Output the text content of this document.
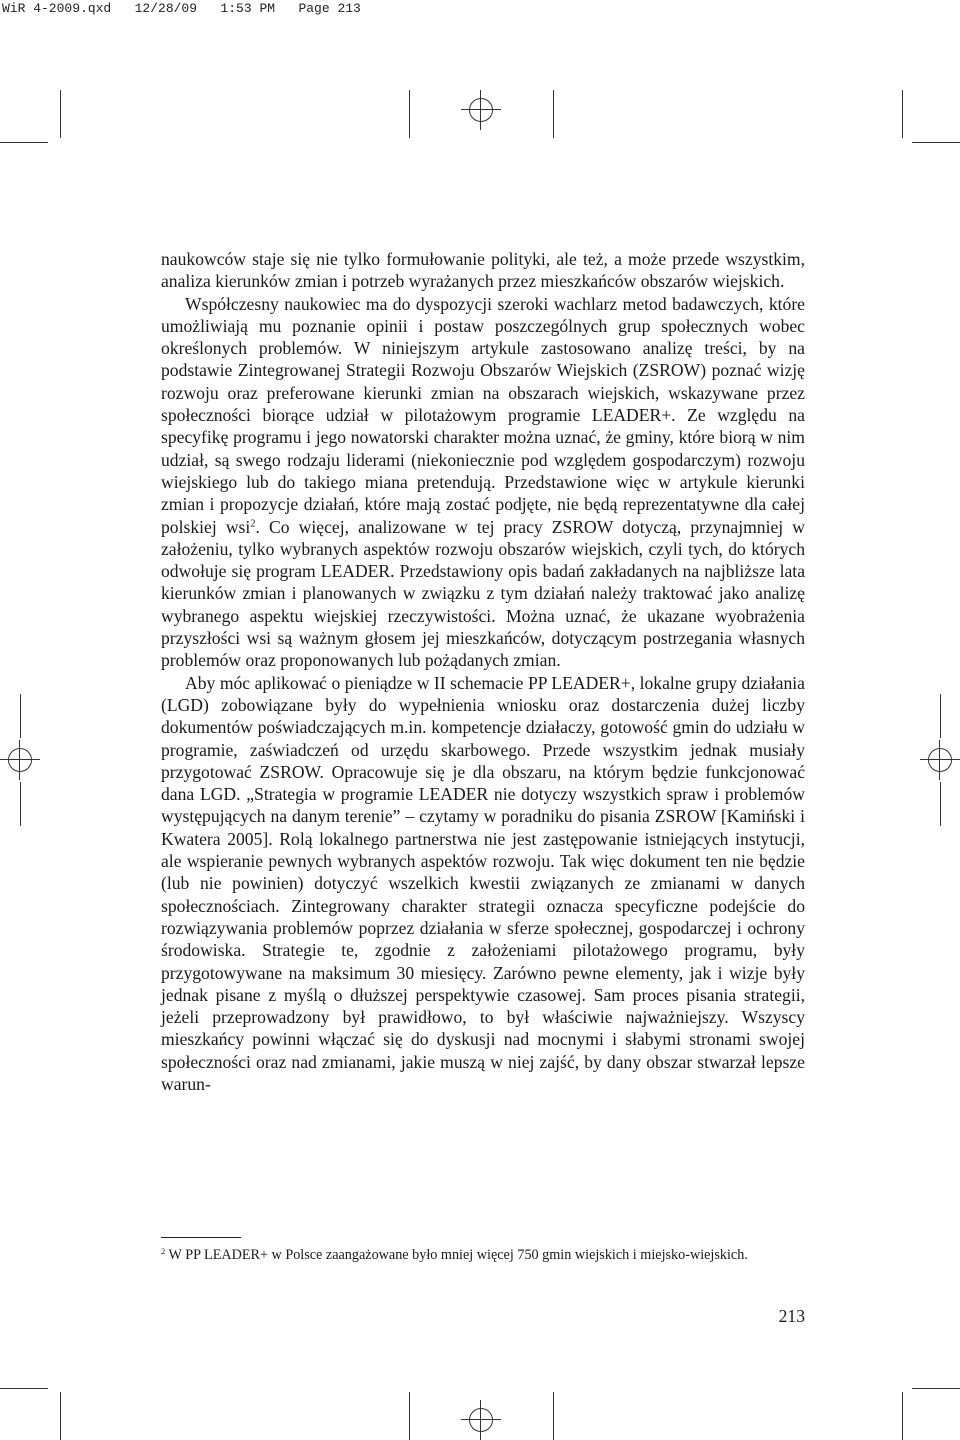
WiR 4-2009.qxd   12/28/09   1:53 PM   Page 213

naukowców staje się nie tylko formułowanie polityki, ale też, a może przede wszystkim, analiza kierunków zmian i potrzeb wyrażanych przez mieszkańców obszarów wiejskich.

Współczesny naukowiec ma do dyspozycji szeroki wachlarz metod badawczych, które umożliwiają mu poznanie opinii i postaw poszczególnych grup społecznych wobec określonych problemów. W niniejszym artykule zastosowano analizę treści, by na podstawie Zintegrowanej Strategii Rozwoju Obszarów Wiejskich (ZSROW) poznać wizję rozwoju oraz preferowane kierunki zmian na obszarach wiejskich, wskazywane przez społeczności biorące udział w pilotażowym programie LEADER+. Ze względu na specyfikę programu i jego nowatorski charakter można uznać, że gminy, które biorą w nim udział, są swego rodzaju liderami (niekoniecznie pod względem gospodarczym) rozwoju wiejskiego lub do takiego miana pretendują. Przedstawione więc w artykule kierunki zmian i propozycje działań, które mają zostać podjęte, nie będą reprezentatywne dla całej polskiej wsi$^2$. Co więcej, analizowane w tej pracy ZSROW dotyczą, przynajmniej w założeniu, tylko wybranych aspektów rozwoju obszarów wiejskich, czyli tych, do których odwołuje się program LEADER. Przedstawiony opis badań zakładanych na najbliższe lata kierunków zmian i planowanych w związku z tym działań należy traktować jako analizę wybranego aspektu wiejskiej rzeczywistości. Można uznać, że ukazane wyobrażenia przyszłości wsi są ważnym głosem jej mieszkańców, dotyczącym postrzegania własnych problemów oraz proponowanych lub pożądanych zmian.

Aby móc aplikować o pieniądze w II schemacie PP LEADER+, lokalne grupy działania (LGD) zobowiązane były do wypełnienia wniosku oraz dostarczenia dużej liczby dokumentów poświadczających m.in. kompetencje działaczy, gotowość gmin do udziału w programie, zaświadczeń od urzędu skarbowego. Przede wszystkim jednak musiały przygotować ZSROW. Opracowuje się je dla obszaru, na którym będzie funkcjonować dana LGD. „Strategia w programie LEADER nie dotyczy wszystkich spraw i problemów występujących na danym terenie” – czytamy w poradniku do pisania ZSROW [Kamiński i Kwatera 2005]. Rolą lokalnego partnerstwa nie jest zastępowanie istniejących instytucji, ale wspieranie pewnych wybranych aspektów rozwoju. Tak więc dokument ten nie będzie (lub nie powinien) dotyczyć wszelkich kwestii związanych ze zmianami w danych społecznościach. Zintegrowany charakter strategii oznacza specyficzne podejście do rozwiązywania problemów poprzez działania w sferze społecznej, gospodarczej i ochrony środowiska. Strategie te, zgodnie z założeniami pilotażowego programu, były przygotowywane na maksimum 30 miesięcy. Zarówno pewne elementy, jak i wizje były jednak pisane z myślą o dłuższej perspektywie czasowej. Sam proces pisania strategii, jeżeli przeprowadzony był prawidłowo, to był właściwie najważniejszy. Wszyscy mieszkańcy powinni włączać się do dyskusji nad mocnymi i słabymi stronami swojej społeczności oraz nad zmianami, jakie muszą w niej zajść, by dany obszar stwarzał lepsze warun-

$^2$ W PP LEADER+ w Polsce zaangażowane było mniej więcej 750 gmin wiejskich i miejsko-wiejskich.
213
